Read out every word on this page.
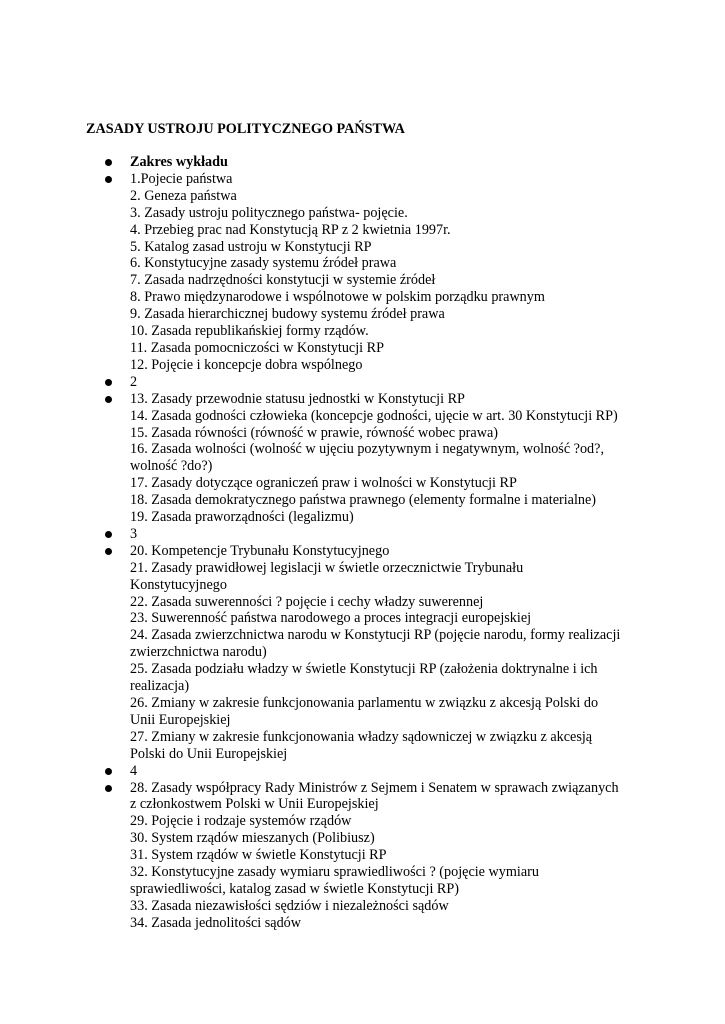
ZASADY USTROJU POLITYCZNEGO PAŃSTWA
Zakres wykładu
1.Pojecie państwa
2. Geneza państwa
3. Zasady ustroju politycznego państwa- pojęcie.
4. Przebieg prac nad Konstytucją RP z 2 kwietnia 1997r.
5. Katalog zasad ustroju w Konstytucji RP
6. Konstytucyjne zasady systemu źródeł prawa
7. Zasada nadrzędności konstytucji w systemie źródeł
8. Prawo międzynarodowe i wspólnotowe w polskim porządku prawnym
9. Zasada hierarchicznej budowy systemu źródeł prawa
10. Zasada republikańskiej formy rządów.
11. Zasada pomocniczości w Konstytucji RP
12. Pojęcie i koncepcje dobra wspólnego
2
13. Zasady przewodnie statusu jednostki w Konstytucji RP
14. Zasada godności człowieka (koncepcje godności, ujęcie w art. 30 Konstytucji RP)
15. Zasada równości (równość w prawie, równość wobec prawa)
16. Zasada wolności (wolność w ujęciu pozytywnym i negatywnym, wolność ?od?,
wolność ?do?)
17. Zasady dotyczące ograniczeń praw i wolności w Konstytucji RP
18. Zasada demokratycznego państwa prawnego (elementy formalne i materialne)
19. Zasada praworządności (legalizmu)
3
20. Kompetencje Trybunału Konstytucyjnego
21. Zasady prawidłowej legislacji w świetle orzecznictwie Trybunału
Konstytucyjnego
22. Zasada suwerenności ? pojęcie i cechy władzy suwerennej
23. Suwerenność państwa narodowego a proces integracji europejskiej
24. Zasada zwierzchnictwa narodu w Konstytucji RP (pojęcie narodu, formy realizacji
zwierzchnictwa narodu)
25. Zasada podziału władzy w świetle Konstytucji RP (założenia doktrynalne i ich
realizacja)
26. Zmiany w zakresie funkcjonowania parlamentu w związku z akcesją Polski do
Unii Europejskiej
27. Zmiany w zakresie funkcjonowania władzy sądowniczej w związku z akcesją
Polski do Unii Europejskiej
4
28. Zasady współpracy Rady Ministrów z Sejmem i Senatem w sprawach związanych
z członkostwem Polski w Unii Europejskiej
29. Pojęcie i rodzaje systemów rządów
30. System rządów mieszanych (Polibiusz)
31. System rządów w świetle Konstytucji RP
32. Konstytucyjne zasady wymiaru sprawiedliwości ? (pojęcie wymiaru
sprawiedliwości, katalog zasad w świetle Konstytucji RP)
33. Zasada niezawisłości sędziów i niezależności sądów
34. Zasada jednolitości sądów
